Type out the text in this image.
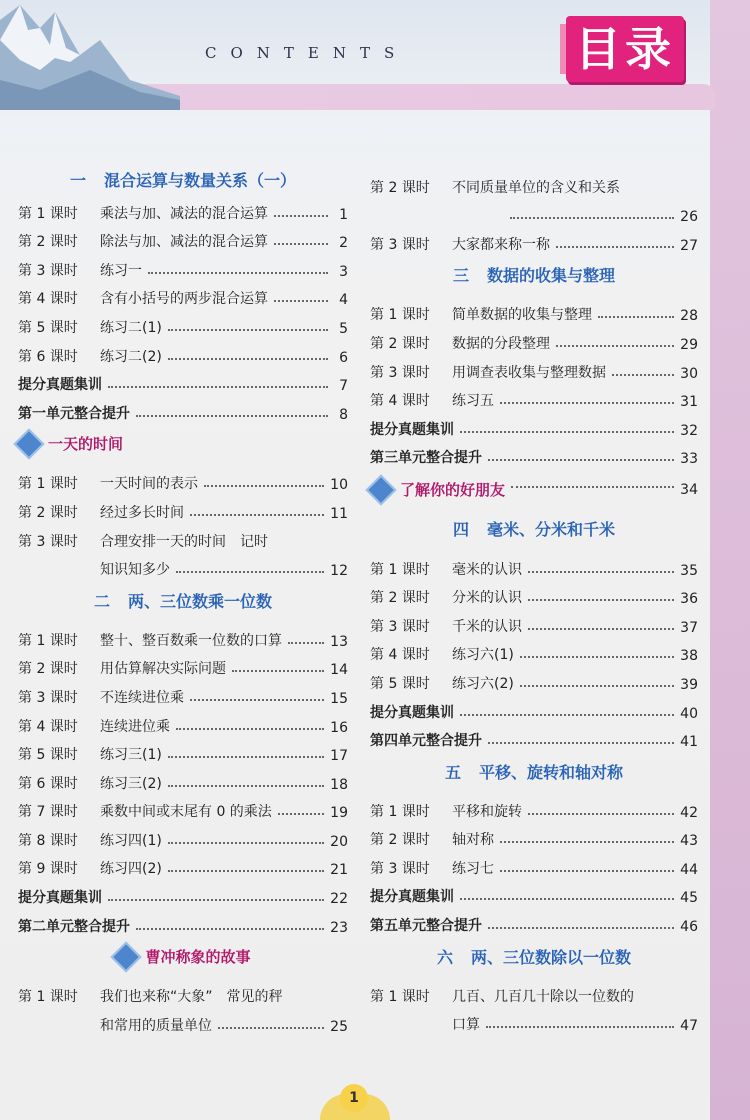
CONTENTS	目录
一 混合运算与数量关系（一）
第 1 课时	乘法与加、减法的混合运算	1
第 2 课时	除法与加、减法的混合运算	2
第 3 课时	练习一	3
第 4 课时	含有小括号的两步混合运算	4
第 5 课时	练习二(1)	5
第 6 课时	练习二(2)	6
提分真题集训	7
第一单元整合提升	8
一天的时间
第 1 课时	一天时间的表示	10
第 2 课时	经过多长时间	11
第 3 课时	合理安排一天的时间　记时
知识知多少	12
二 两、三位数乘一位数
第 1 课时	整十、整百数乘一位数的口算	13
第 2 课时	用估算解决实际问题	14
第 3 课时	不连续进位乘	15
第 4 课时	连续进位乘	16
第 5 课时	练习三(1)	17
第 6 课时	练习三(2)	18
第 7 课时	乘数中间或末尾有 0 的乘法	19
第 8 课时	练习四(1)	20
第 9 课时	练习四(2)	21
提分真题集训	22
第二单元整合提升	23
曹冲称象的故事
第 1 课时	我们也来称“大象”　常见的秤
和常用的质量单位	25
第 2 课时	不同质量单位的含义和关系
26
第 3 课时	大家都来称一称	27
三 数据的收集与整理
第 1 课时	简单数据的收集与整理	28
第 2 课时	数据的分段整理	29
第 3 课时	用调查表收集与整理数据	30
第 4 课时	练习五	31
提分真题集训	32
第三单元整合提升	33
了解你的好朋友	34
四 毫米、分米和千米
第 1 课时	毫米的认识	35
第 2 课时	分米的认识	36
第 3 课时	千米的认识	37
第 4 课时	练习六(1)	38
第 5 课时	练习六(2)	39
提分真题集训	40
第四单元整合提升	41
五 平移、旋转和轴对称
第 1 课时	平移和旋转	42
第 2 课时	轴对称	43
第 3 课时	练习七	44
提分真题集训	45
第五单元整合提升	46
六 两、三位数除以一位数
第 1 课时	几百、几百几十除以一位数的
口算	47
1
